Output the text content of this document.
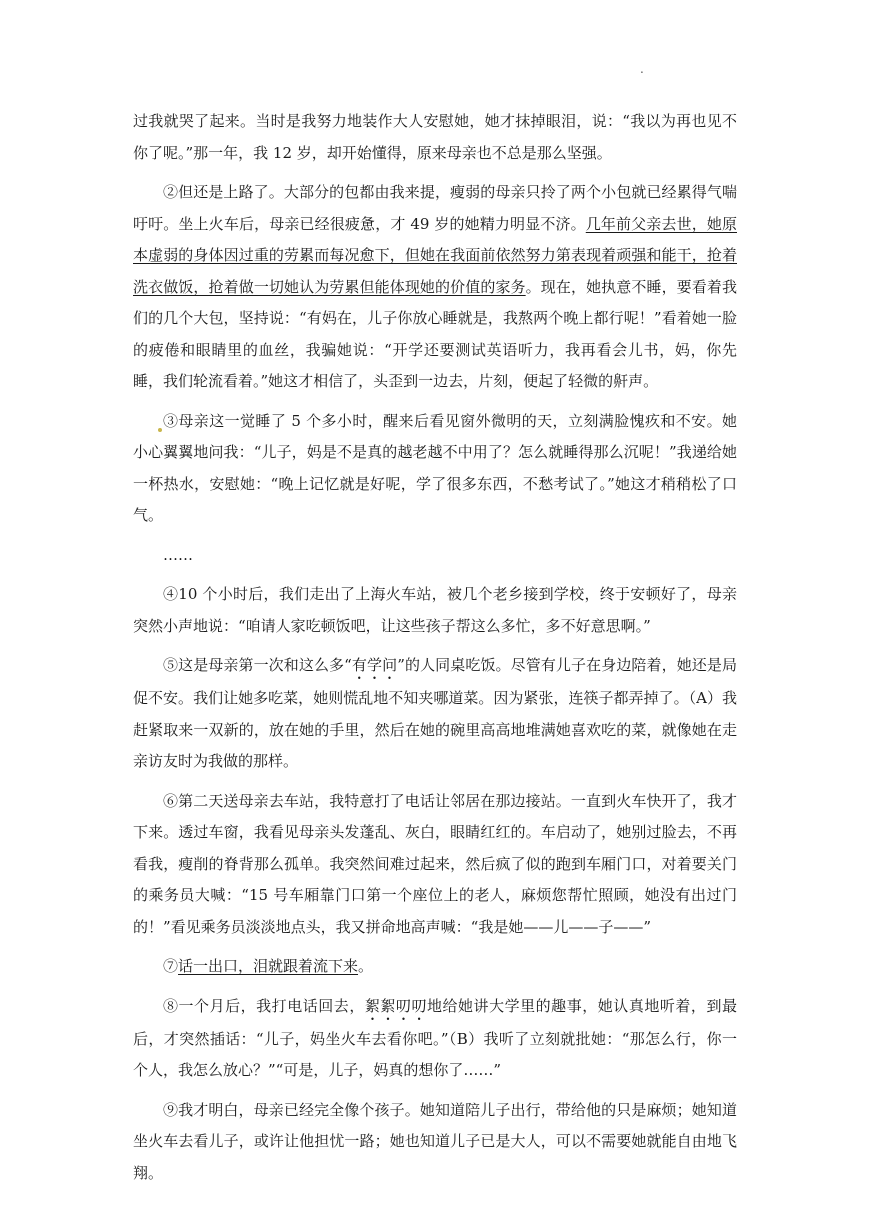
.

过我就哭了起来。当时是我努力地装作大人安慰她，她才抹掉眼泪，说：“我以为再也见不你了呢。”那一年，我 12 岁，却开始懂得，原来母亲也不总是那么坚强。

②但还是上路了。大部分的包都由我来提，瘦弱的母亲只拎了两个小包就已经累得气喘吁吁。坐上火车后，母亲已经很疲惫，才 49 岁的她精力明显不济。几年前父亲去世，她原本虚弱的身体因过重的劳累而每况愈下，但她在我面前依然努力第表现着顽强和能干，抢着洗衣做饭，抢着做一切她认为劳累但能体现她的价值的家务。现在，她执意不睡，要看着我们的几个大包，坚持说：“有妈在，儿子你放心睡就是，我熬两个晚上都行呢！”看着她一脸的疲倦和眼睛里的血丝，我骗她说：“开学还要测试英语听力，我再看会儿书，妈，你先睡，我们轮流看着。”她这才相信了，头歪到一边去，片刻，便起了轻微的鼾声。

③母亲这一觉睡了 5 个多小时，醒来后看见窗外微明的天，立刻满脸愧疚和不安。她小心翼翼地问我：“儿子，妈是不是真的越老越不中用了？怎么就睡得那么沉呢！”我递给她一杯热水，安慰她：“晚上记忆就是好呢，学了很多东西，不愁考试了。”她这才稍稍松了口气。

……

④10 个小时后，我们走出了上海火车站，被几个老乡接到学校，终于安顿好了，母亲突然小声地说：“咱请人家吃顿饭吧，让这些孩子帮这么多忙，多不好意思啊。”

⑤这是母亲第一次和这么多“有学问”的人同桌吃饭。尽管有儿子在身边陪着，她还是局促不安。我们让她多吃菜，她则慌乱地不知夹哪道菜。因为紧张，连筷子都弄掉了。（A）我赶紧取来一双新的，放在她的手里，然后在她的碗里高高地堆满她喜欢吃的菜，就像她在走亲访友时为我做的那样。

⑥第二天送母亲去车站，我特意打了电话让邻居在那边接站。一直到火车快开了，我才下来。透过车窗，我看见母亲头发蓬乱、灰白，眼睛红红的。车启动了，她别过脸去，不再看我，瘦削的脊背那么孤单。我突然间难过起来，然后疯了似的跑到车厢门口，对着要关门的乘务员大喊：“15 号车厢靠门口第一个座位上的老人，麻烦您帮忙照顾，她没有出过门的！”看见乘务员淡淡地点头，我又拼命地高声喊：“我是她——儿——子——”

⑦话一出口，泪就跟着流下来。

⑧一个月后，我打电话回去，絮絮叨叨地给她讲大学里的趣事，她认真地听着，到最后，才突然插话：“儿子，妈坐火车去看你吧。”（B）我听了立刻就批她：“那怎么行，你一个人，我怎么放心？”“可是，儿子，妈真的想你了……”

⑨我才明白，母亲已经完全像个孩子。她知道陪儿子出行，带给他的只是麻烦；她知道坐火车去看儿子，或许让他担忧一路；她也知道儿子已是大人，可以不需要她就能自由地飞翔。
